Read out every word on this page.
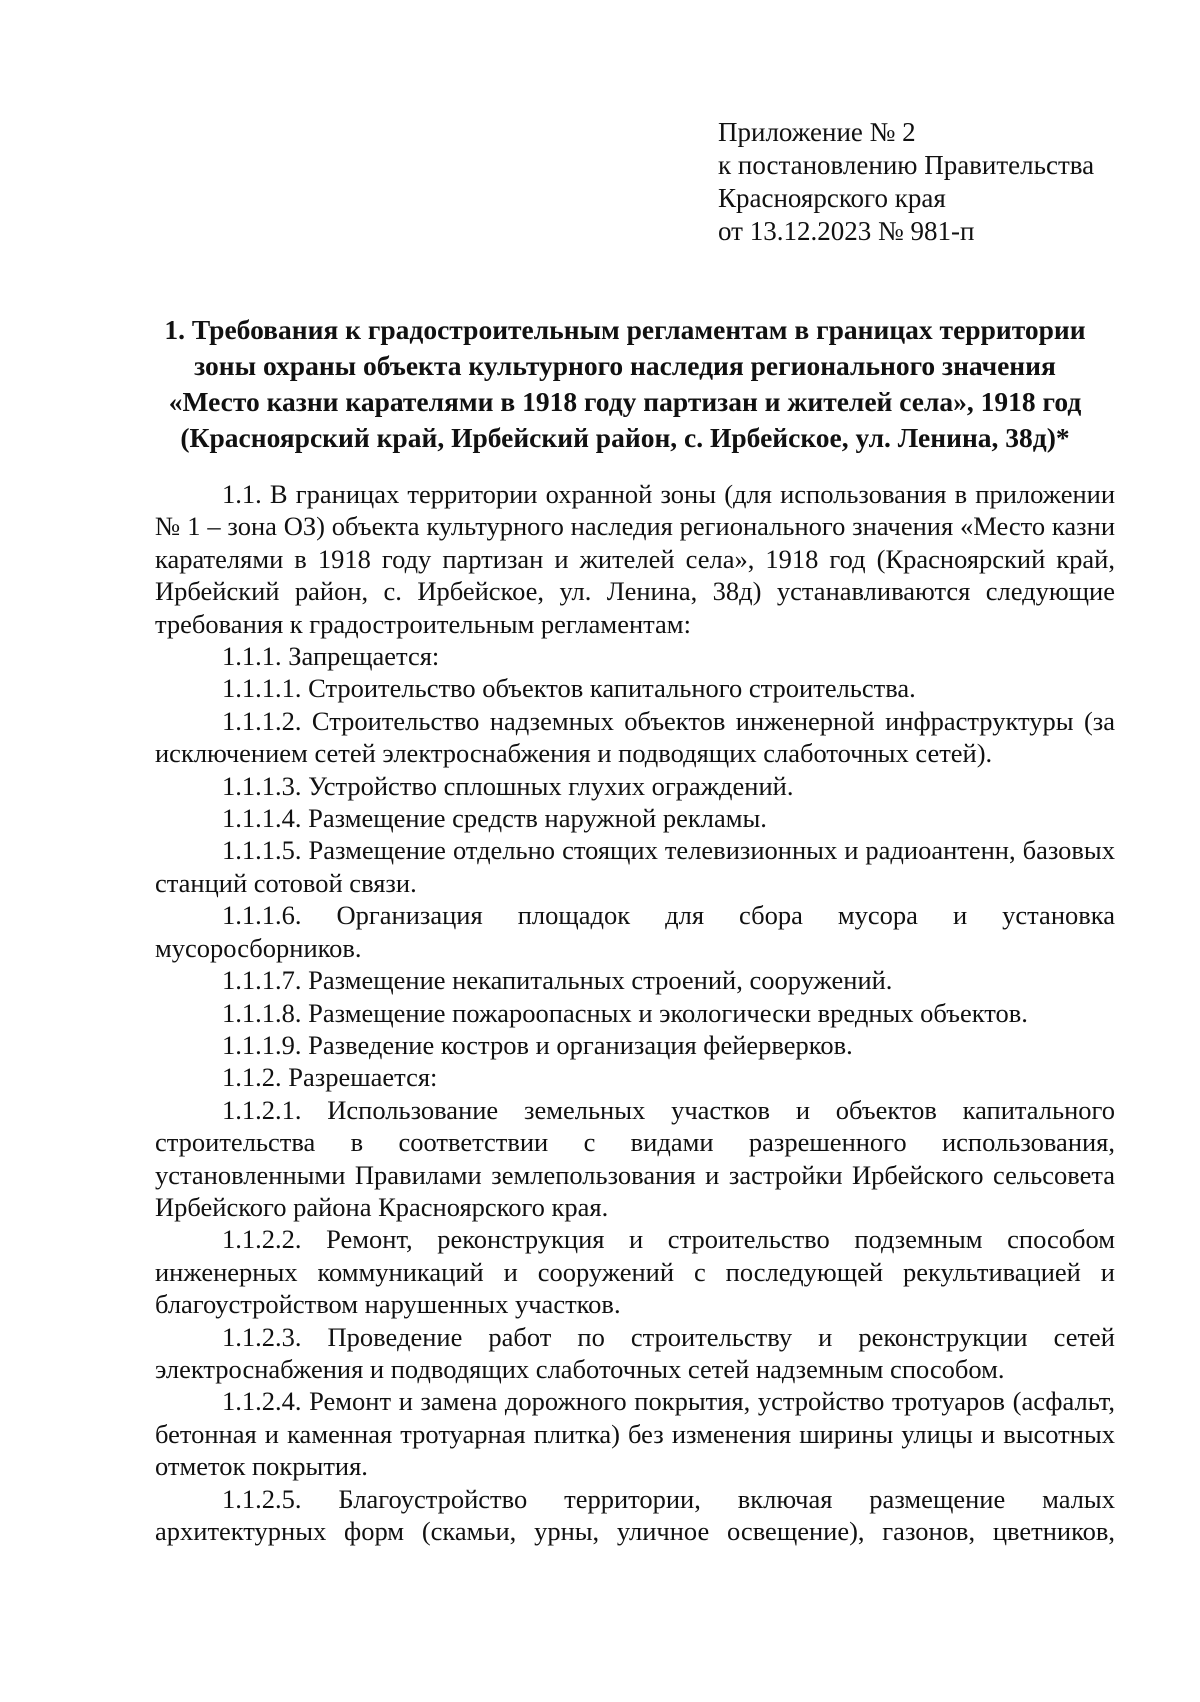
Приложение № 2
к постановлению Правительства
Красноярского края
от 13.12.2023 № 981-п
1. Требования к градостроительным регламентам в границах территории
зоны охраны объекта культурного наследия регионального значения
«Место казни карателями в 1918 году партизан и жителей села», 1918 год
(Красноярский край, Ирбейский район, с. Ирбейское, ул. Ленина, 38д)*

1.1. В границах территории охранной зоны (для использования в приложении № 1 – зона ОЗ) объекта культурного наследия регионального значения «Место казни карателями в 1918 году партизан и жителей села», 1918 год (Красноярский край, Ирбейский район, с. Ирбейское, ул. Ленина, 38д) устанавливаются следующие требования к градостроительным регламентам:

1.1.1. Запрещается:

1.1.1.1. Строительство объектов капитального строительства.

1.1.1.2. Строительство надземных объектов инженерной инфраструктуры (за исключением сетей электроснабжения и подводящих слаботочных сетей).

1.1.1.3. Устройство сплошных глухих ограждений.

1.1.1.4. Размещение средств наружной рекламы.

1.1.1.5. Размещение отдельно стоящих телевизионных и радиоантенн, базовых станций сотовой связи.

1.1.1.6. Организация площадок для сбора мусора и установка мусоросборников.

1.1.1.7. Размещение некапитальных строений, сооружений.

1.1.1.8. Размещение пожароопасных и экологически вредных объектов.

1.1.1.9. Разведение костров и организация фейерверков.

1.1.2. Разрешается:

1.1.2.1. Использование земельных участков и объектов капитального строительства в соответствии с видами разрешенного использования, установленными Правилами землепользования и застройки Ирбейского сельсовета Ирбейского района Красноярского края.

1.1.2.2. Ремонт, реконструкция и строительство подземным способом инженерных коммуникаций и сооружений с последующей рекультивацией и благоустройством нарушенных участков.

1.1.2.3. Проведение работ по строительству и реконструкции сетей электроснабжения и подводящих слаботочных сетей надземным способом.

1.1.2.4. Ремонт и замена дорожного покрытия, устройство тротуаров (асфальт, бетонная и каменная тротуарная плитка) без изменения ширины улицы и высотных отметок покрытия.

1.1.2.5. Благоустройство территории, включая размещение малых архитектурных форм (скамьи, урны, уличное освещение), газонов, цветников,
